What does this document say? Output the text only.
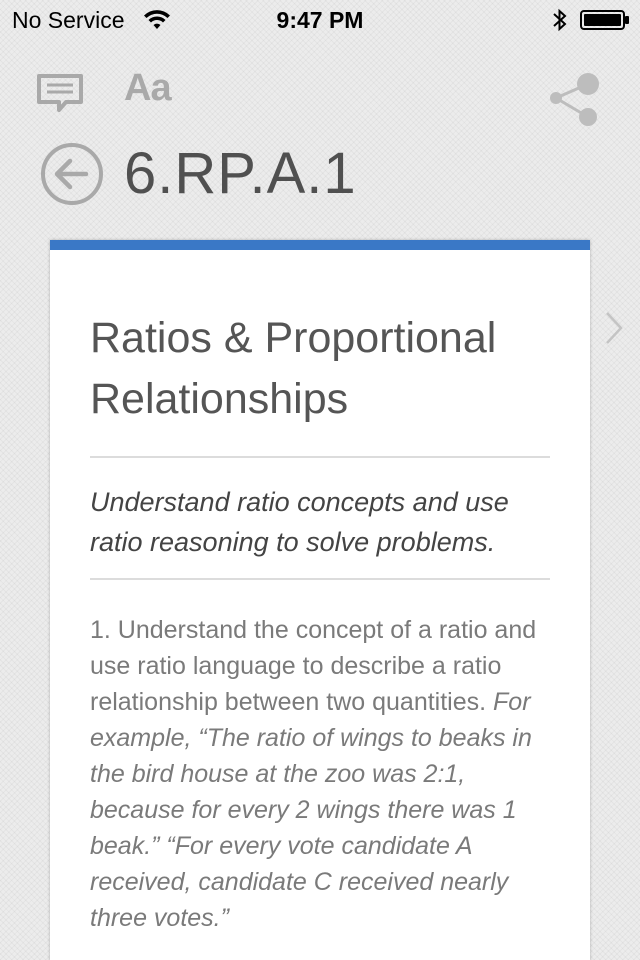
No Service	9:47 PM
Aa
6.RP.A.1
Ratios & Proportional Relationships
Understand ratio concepts and use ratio reasoning to solve problems.
1. Understand the concept of a ratio and use ratio language to describe a ratio relationship between two quantities. For example, “The ratio of wings to beaks in the bird house at the zoo was 2:1, because for every 2 wings there was 1 beak.” “For every vote candidate A received, candidate C received nearly three votes.”
